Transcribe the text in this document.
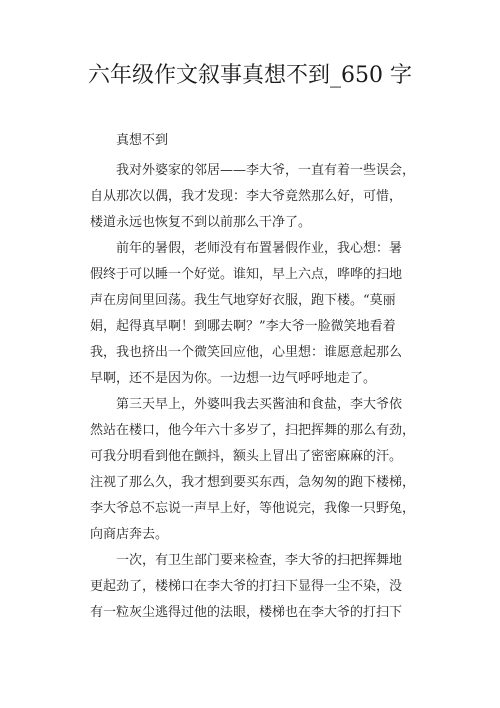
六年级作文叙事真想不到_650 字
真想不到
我对外婆家的邻居——李大爷，一直有着一些误会，
自从那次以偶，我才发现：李大爷竟然那么好，可惜，
楼道永远也恢复不到以前那么干净了。
前年的暑假，老师没有布置暑假作业，我心想：暑
假终于可以睡一个好觉。谁知，早上六点，哗哗的扫地
声在房间里回荡。我生气地穿好衣服，跑下楼。“莫丽
娟，起得真早啊！到哪去啊？”李大爷一脸微笑地看着
我，我也挤出一个微笑回应他，心里想：谁愿意起那么
早啊，还不是因为你。一边想一边气呼呼地走了。
第三天早上，外婆叫我去买酱油和食盐，李大爷依
然站在楼口，他今年六十多岁了，扫把挥舞的那么有劲，
可我分明看到他在颤抖，额头上冒出了密密麻麻的汗。
注视了那么久，我才想到要买东西，急匆匆的跑下楼梯，
李大爷总不忘说一声早上好，等他说完，我像一只野兔，
向商店奔去。
一次，有卫生部门要来检查，李大爷的扫把挥舞地
更起劲了，楼梯口在李大爷的打扫下显得一尘不染，没
有一粒灰尘逃得过他的法眼，楼梯也在李大爷的打扫下
